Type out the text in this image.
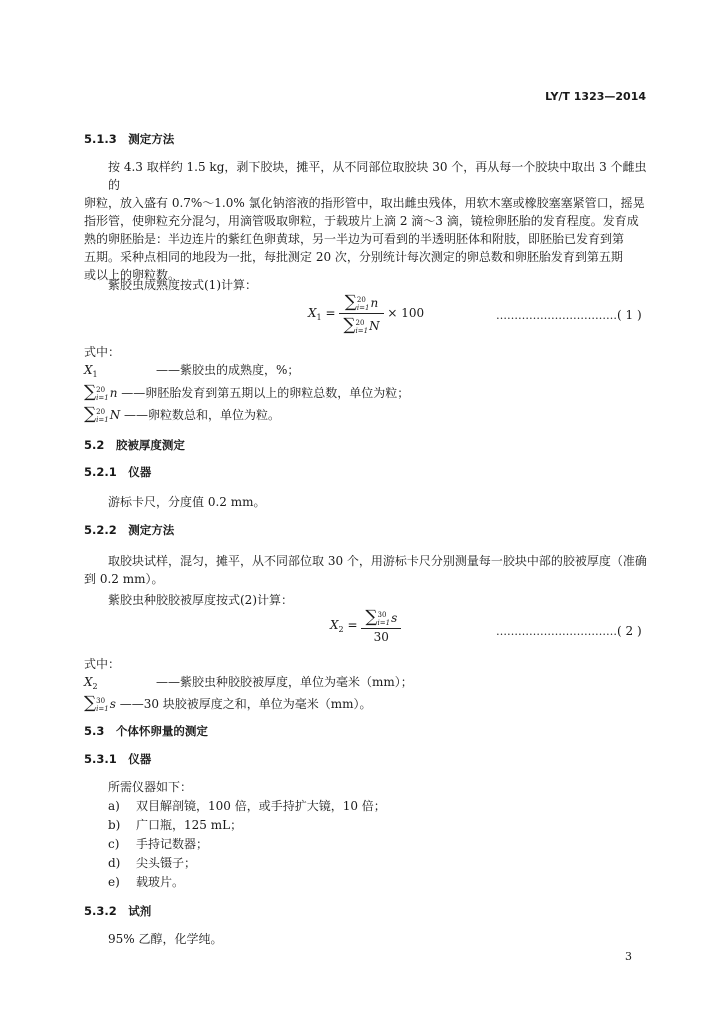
LY/T 1323—2014
5.1.3　测定方法
按 4.3 取样约 1.5 kg，剥下胶块，摊平，从不同部位取胶块 30 个，再从每一个胶块中取出 3 个雌虫的
卵粒，放入盛有 0.7%～1.0% 氯化钠溶液的指形管中，取出雌虫残体，用软木塞或橡胶塞塞紧管口，摇晃
指形管，使卵粒充分混匀，用滴管吸取卵粒，于载玻片上滴 2 滴～3 滴，镜检卵胚胎的发育程度。发育成
熟的卵胚胎是：半边连片的紫红色卵黄球，另一半边为可看到的半透明胚体和附肢，即胚胎已发育到第
五期。采种点相同的地段为一批，每批测定 20 次，分别统计每次测定的卵总数和卵胚胎发育到第五期
或以上的卵粒数。
紫胶虫成熟度按式(1)计算：
$X_1$ = ∑ 20
i=1 n
∑ 20
i=1 N × 100	……………………………( 1 )
式中：
$X_1$	——紫胶虫的成熟度，%；
∑ 20
i=1 n ——卵胚胎发育到第五期以上的卵粒总数，单位为粒；
∑ 20
i=1 N ——卵粒数总和，单位为粒。
5.2　胶被厚度测定
5.2.1　仪器
游标卡尺，分度值 0.2 mm。
5.2.2　测定方法
取胶块试样，混匀，摊平，从不同部位取 30 个，用游标卡尺分别测量每一胶块中部的胶被厚度（准确
到 0.2 mm）。
紫胶虫种胶胶被厚度按式(2)计算：
$X_2$ = ∑ 30
i=1 s
30	……………………………( 2 )
式中：
$X_2$	——紫胶虫种胶胶被厚度，单位为毫米（mm）；
∑ 30
i=1 s ——30 块胶被厚度之和，单位为毫米（mm）。
5.3　个体怀卵量的测定
5.3.1　仪器
所需仪器如下：
a) 双目解剖镜，100 倍，或手持扩大镜，10 倍；
b) 广口瓶，125 mL；
c) 手持记数器；
d) 尖头镊子；
e) 载玻片。
5.3.2　试剂
95% 乙醇，化学纯。
3
